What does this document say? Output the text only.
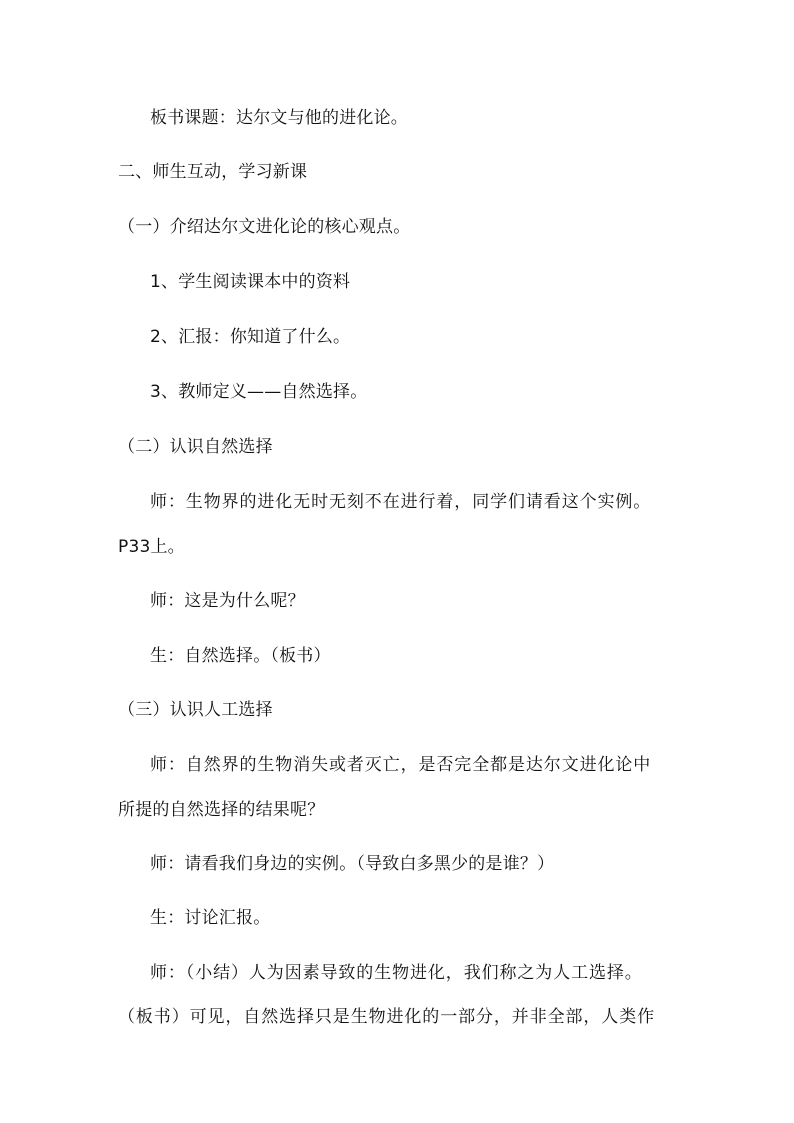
板书课题：达尔文与他的进化论。
二、师生互动，学习新课
（一）介绍达尔文进化论的核心观点。
1、学生阅读课本中的资料
2、汇报：你知道了什么。
3、教师定义——自然选择。
（二）认识自然选择
师：生物界的进化无时无刻不在进行着，同学们请看这个实例。
P33上。
师：这是为什么呢？
生：自然选择。（板书）
（三）认识人工选择
师：自然界的生物消失或者灭亡，是否完全都是达尔文进化论中
所提的自然选择的结果呢？
师：请看我们身边的实例。（导致白多黑少的是谁？）
生：讨论汇报。
师：（小结）人为因素导致的生物进化，我们称之为人工选择。
（板书）可见，自然选择只是生物进化的一部分，并非全部，人类作
